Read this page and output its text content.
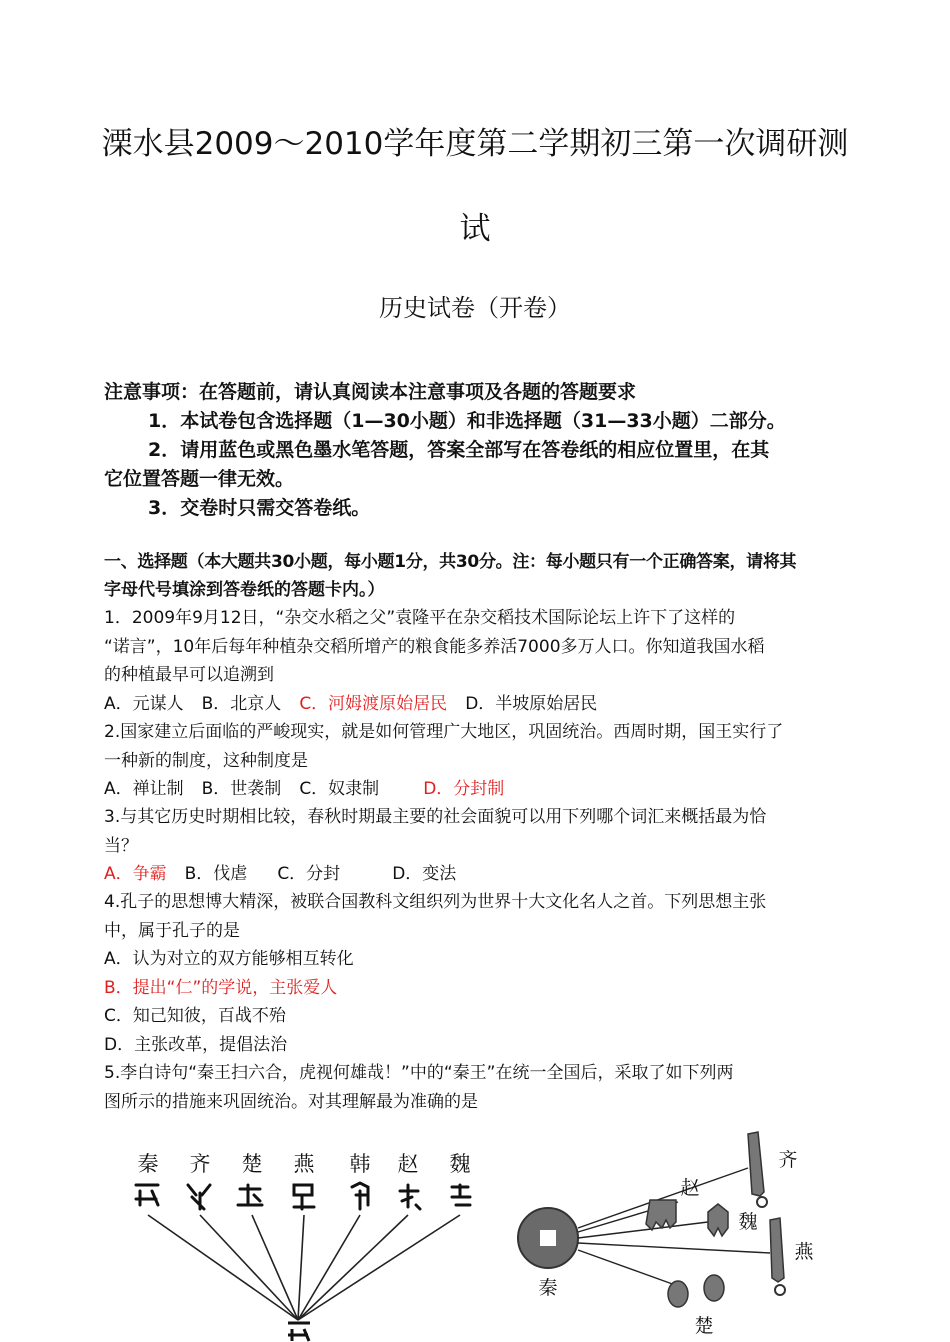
溧水县2009～2010学年度第二学期初三第一次调研测
试
历史试卷（开卷）

注意事项：在答题前，请认真阅读本注意事项及各题的答题要求

1．本试卷包含选择题（1—30小题）和非选择题（31—33小题）二部分。

2．请用蓝色或黑色墨水笔答题，答案全部写在答卷纸的相应位置里，在其

它位置答题一律无效。

3．交卷时只需交答卷纸。

一、选择题（本大题共30小题，每小题1分，共30分。注：每小题只有一个正确答案，请将其
字母代号填涂到答卷纸的答题卡内。）

1．2009年9月12日，“杂交水稻之父”袁隆平在杂交稻技术国际论坛上许下了这样的

“诺言”，10年后每年种植杂交稻所增产的粮食能多养活7000多万人口。你知道我国水稻

的种植最早可以追溯到

A．元谋人 B．北京人 C．河姆渡原始居民 D．半坡原始居民

2.国家建立后面临的严峻现实，就是如何管理广大地区，巩固统治。西周时期，国王实行了

一种新的制度，这种制度是

A．禅让制 B．世袭制 C．奴隶制	D．分封制

3.与其它历史时期相比较，春秋时期最主要的社会面貌可以用下列哪个词汇来概括最为恰

当？

A．争霸 B．伐虐 C．分封	D．变法

4.孔子的思想博大精深，被联合国教科文组织列为世界十大文化名人之首。下列思想主张

中，属于孔子的是

A．认为对立的双方能够相互转化

B．提出“仁”的学说，主张爱人

C．知己知彼，百战不殆

D．主张改革，提倡法治

5.李白诗句“秦王扫六合，虎视何雄哉！”中的“秦王”在统一全国后，采取了如下列两

图所示的措施来巩固统治。对其理解最为准确的是

秦 齐 楚 燕 韩 赵 魏	齐
赵
魏
燕
楚
秦
